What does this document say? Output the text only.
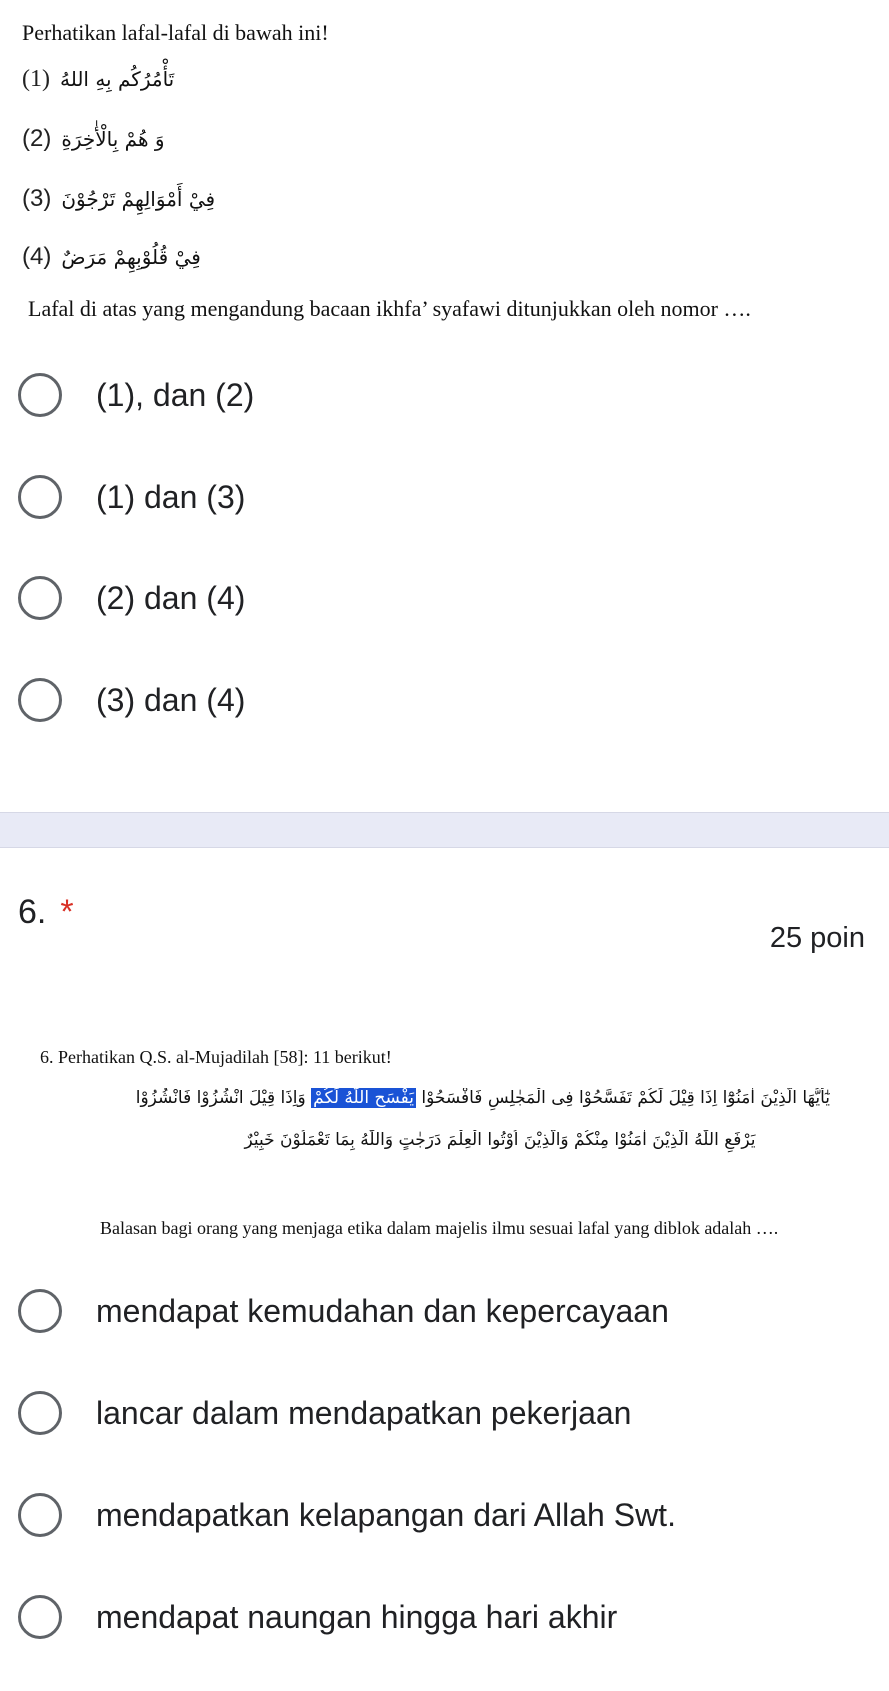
Perhatikan lafal-lafal di bawah ini!
(1) تَأْمُرُكُم بِهِ اللهُ
(2) وَ هُمْ بِالْأٰخِرَةِ
(3) فِيْ أَمْوَالِهِمْ تَرْجُوْنَ
(4) فِيْ قُلُوْبِهِمْ مَرَضٌ
Lafal di atas yang mengandung bacaan ikhfa’ syafawi ditunjukkan oleh nomor ….
(1), dan (2)
(1) dan (3)
(2) dan (4)
(3) dan (4)
6. *
25 poin
6. Perhatikan Q.S. al-Mujadilah [58]: 11 berikut!
يٰٓأَيُّهَا الَّذِيْنَ اٰمَنُوْٓا اِذَا قِيْلَ لَكُمْ تَفَسَّحُوْا فِى الْمَجٰلِسِ فَافْسَحُوْا يَفْسَحِ اللّٰهُ لَكُمْ وَاِذَا قِيْلَ انْشُزُوْا فَانْشُزُوْا
يَرْفَعِ اللّٰهُ الَّذِيْنَ اٰمَنُوْا مِنْكُمْ وَالَّذِيْنَ اُوْتُوا الْعِلْمَ دَرَجٰتٍ وَاللّٰهُ بِمَا تَعْمَلُوْنَ خَبِيْرٌ
Balasan bagi orang yang menjaga etika dalam majelis ilmu sesuai lafal yang diblok adalah ….
mendapat kemudahan dan kepercayaan
lancar dalam mendapatkan pekerjaan
mendapatkan kelapangan dari Allah Swt.
mendapat naungan hingga hari akhir
